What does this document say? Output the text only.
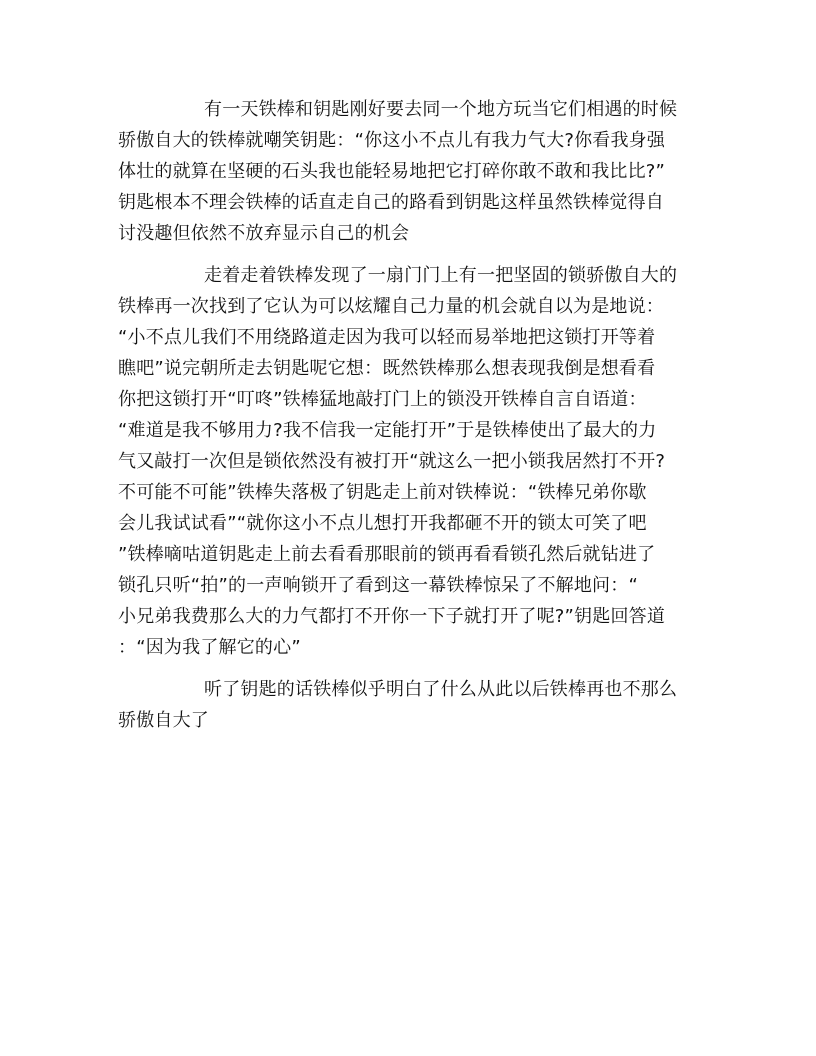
有一天铁棒和钥匙刚好要去同一个地方玩当它们相遇的时候
骄傲自大的铁棒就嘲笑钥匙：“你这小不点儿有我力气大?你看我身强
体壮的就算在坚硬的石头我也能轻易地把它打碎你敢不敢和我比比?”
钥匙根本不理会铁棒的话直走自己的路看到钥匙这样虽然铁棒觉得自
讨没趣但依然不放弃显示自己的机会
走着走着铁棒发现了一扇门门上有一把坚固的锁骄傲自大的
铁棒再一次找到了它认为可以炫耀自己力量的机会就自以为是地说：
“小不点儿我们不用绕路道走因为我可以轻而易举地把这锁打开等着
瞧吧”说完朝所走去钥匙呢它想：既然铁棒那么想表现我倒是想看看
你把这锁打开“叮咚”铁棒猛地敲打门上的锁没开铁棒自言自语道：
“难道是我不够用力?我不信我一定能打开”于是铁棒使出了最大的力
气又敲打一次但是锁依然没有被打开“就这么一把小锁我居然打不开?
不可能不可能”铁棒失落极了钥匙走上前对铁棒说：“铁棒兄弟你歇
会儿我试试看”“就你这小不点儿想打开我都砸不开的锁太可笑了吧
”铁棒嘀咕道钥匙走上前去看看那眼前的锁再看看锁孔然后就钻进了
锁孔只听“拍”的一声响锁开了看到这一幕铁棒惊呆了不解地问：“
小兄弟我费那么大的力气都打不开你一下子就打开了呢?”钥匙回答道
：“因为我了解它的心”
听了钥匙的话铁棒似乎明白了什么从此以后铁棒再也不那么
骄傲自大了
